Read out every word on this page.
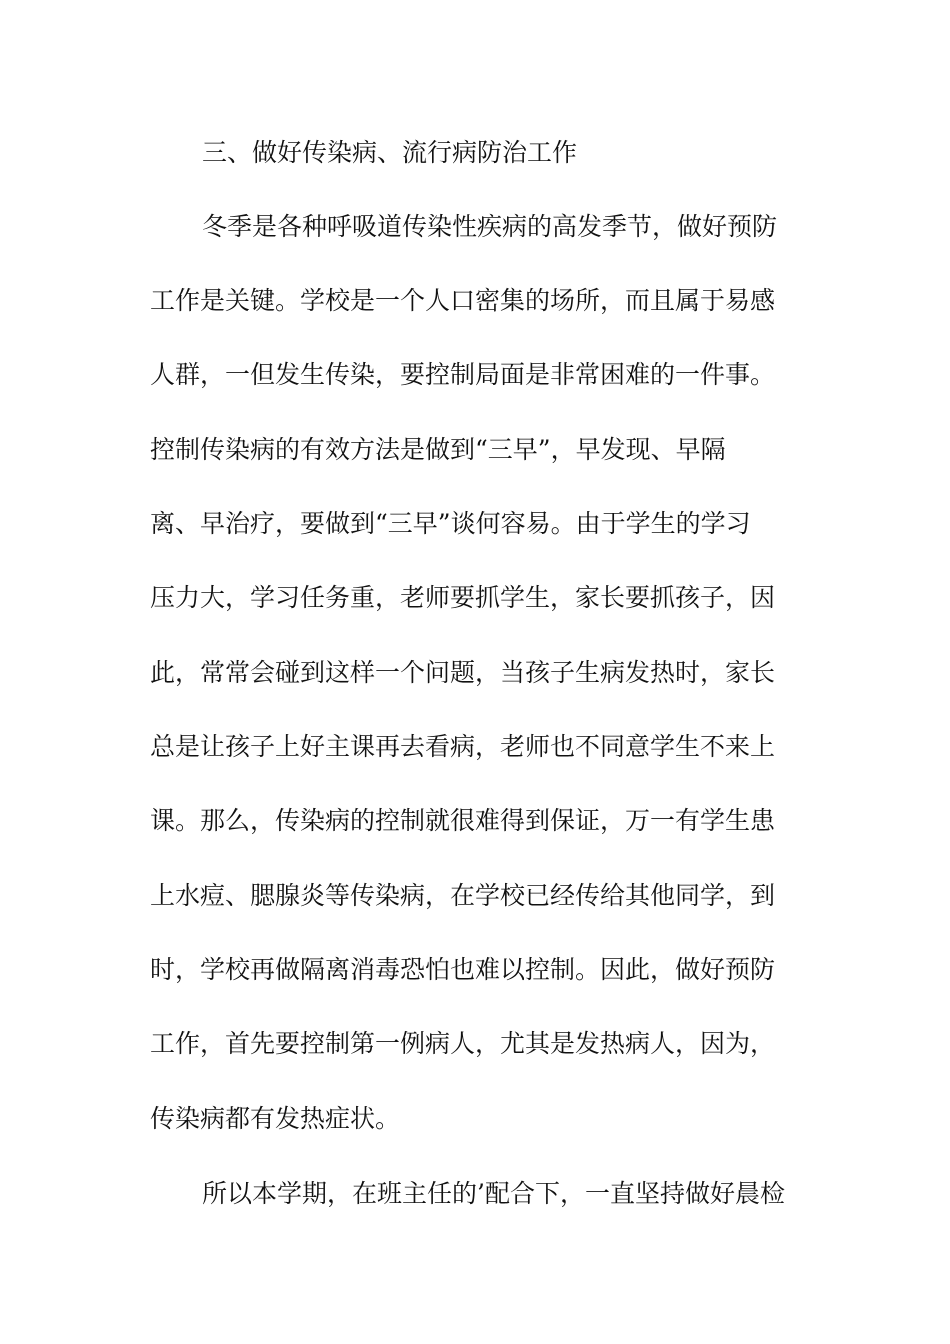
三、做好传染病、流行病防治工作
冬季是各种呼吸道传染性疾病的高发季节，做好预防
工作是关键。学校是一个人口密集的场所，而且属于易感
人群，一但发生传染，要控制局面是非常困难的一件事。
控制传染病的有效方法是做到“三早”，早发现、早隔
离、早治疗，要做到“三早”谈何容易。由于学生的学习
压力大，学习任务重，老师要抓学生，家长要抓孩子，因
此，常常会碰到这样一个问题，当孩子生病发热时，家长
总是让孩子上好主课再去看病，老师也不同意学生不来上
课。那么，传染病的控制就很难得到保证，万一有学生患
上水痘、腮腺炎等传染病，在学校已经传给其他同学，到
时，学校再做隔离消毒恐怕也难以控制。因此，做好预防
工作，首先要控制第一例病人，尤其是发热病人，因为，
传染病都有发热症状。
所以本学期，在班主任的’配合下，一直坚持做好晨检
